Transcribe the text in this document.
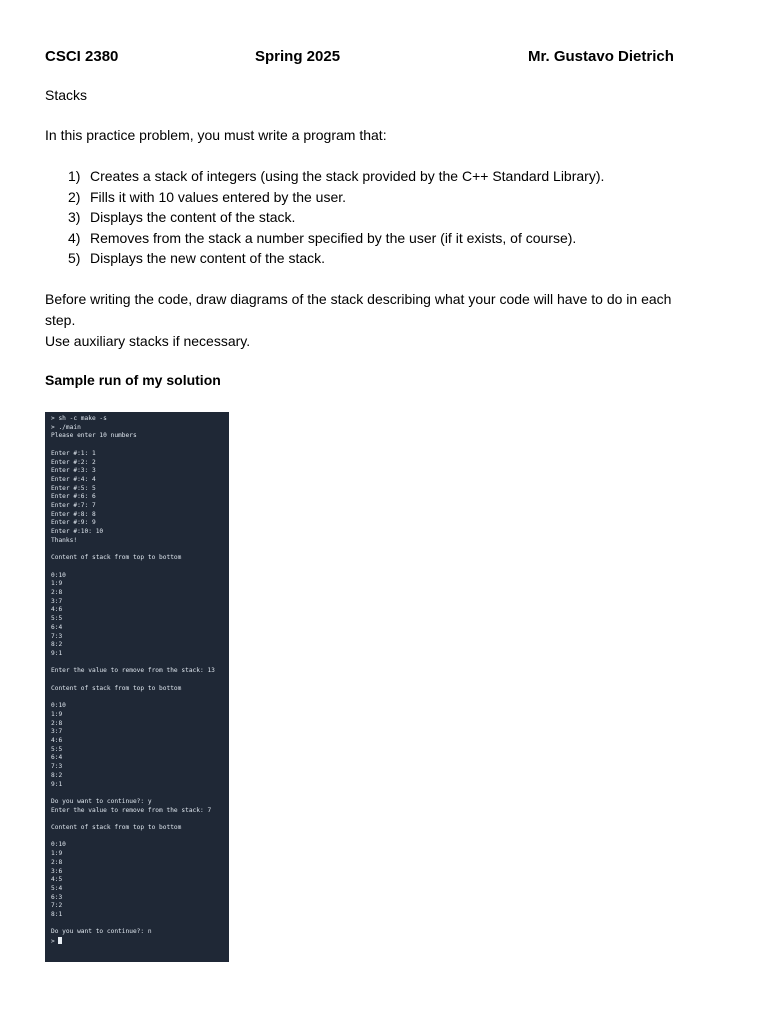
CSCI 2380	Spring 2025	Mr. Gustavo Dietrich
Stacks
In this practice problem, you must write a program that:
1) Creates a stack of integers (using the stack provided by the C++ Standard Library).
2) Fills it with 10 values entered by the user.
3) Displays the content of the stack.
4) Removes from the stack a number specified by the user (if it exists, of course).
5) Displays the new content of the stack.
Before writing the code, draw diagrams of the stack describing what your code will have to do in each
step.
Use auxiliary stacks if necessary.
Sample run of my solution
> sh -c make -s
> ./main
Please enter 10 numbers

Enter #:1: 1
Enter #:2: 2
Enter #:3: 3
Enter #:4: 4
Enter #:5: 5
Enter #:6: 6
Enter #:7: 7
Enter #:8: 8
Enter #:9: 9
Enter #:10: 10
Thanks!

Content of stack from top to bottom

0:10
1:9
2:8
3:7
4:6
5:5
6:4
7:3
8:2
9:1

Enter the value to remove from the stack: 13

Content of stack from top to bottom

0:10
1:9
2:8
3:7
4:6
5:5
6:4
7:3
8:2
9:1

Do you want to continue?: y
Enter the value to remove from the stack: 7

Content of stack from top to bottom

0:10
1:9
2:8
3:6
4:5
5:4
6:3
7:2
8:1

Do you want to continue?: n
>
